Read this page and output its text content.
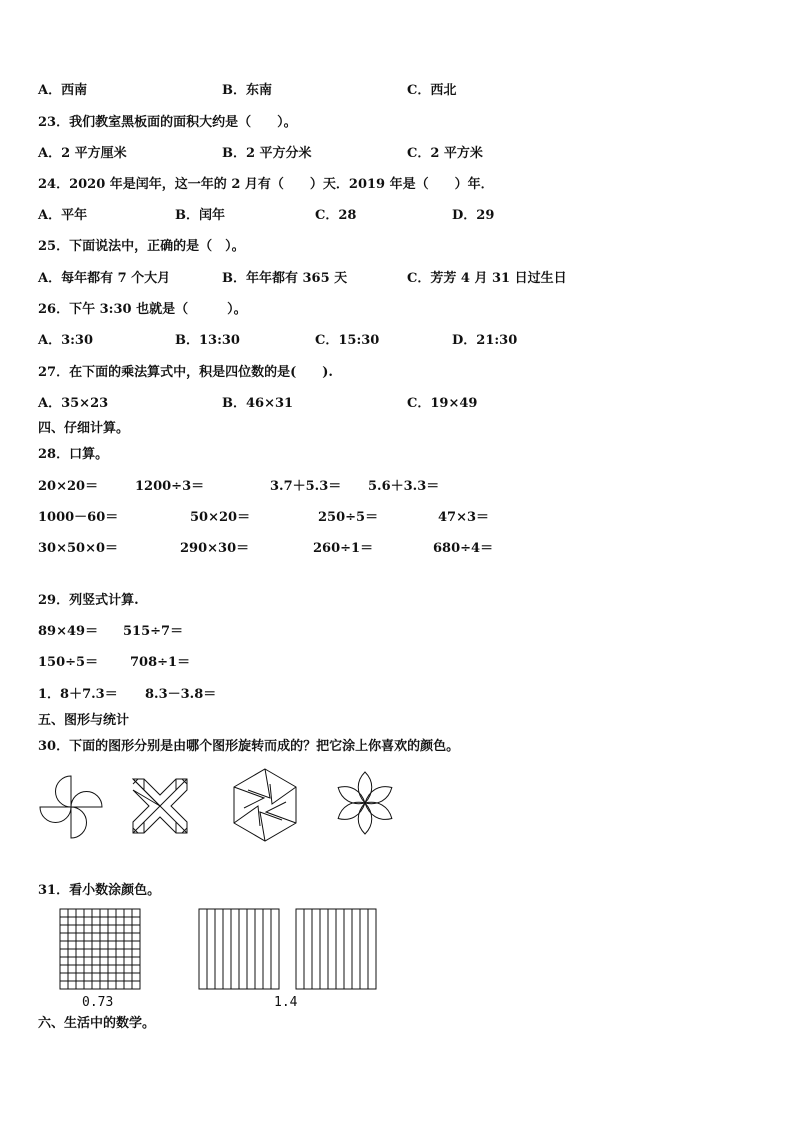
A．西南	B．东南	C．西北
23．我们教室黑板面的面积大约是（　　）。
A．2 平方厘米	B．2 平方分米	C．2 平方米
24．2020 年是闰年，这一年的 2 月有（　　）天．2019 年是（　　）年．
A．平年	B．闰年	C．28	D．29
25．下面说法中，正确的是（　）。
A．每年都有 7 个大月	B．年年都有 365 天	C．芳芳 4 月 31 日过生日
26．下午 3:30 也就是（　　　）。
A．3:30	B．13:30	C．15:30	D．21:30
27．在下面的乘法算式中，积是四位数的是(　　).
A．35×23	B．46×31	C．19×49
四、仔细计算。
28．口算。
20×20＝	1200÷3＝	3.7＋5.3＝ 5.6＋3.3＝
1000－60＝	50×20＝	250÷5＝	47×3＝
30×50×0＝	290×30＝	260÷1＝	680÷4＝
29．列竖式计算.
89×49＝ 515÷7＝
150÷5＝ 708÷1＝
1．8＋7.3＝ 8.3－3.8＝
五、图形与统计
30．下面的图形分别是由哪个图形旋转而成的？把它涂上你喜欢的颜色。
31．看小数涂颜色。
0.73	1.4
六、生活中的数学。
